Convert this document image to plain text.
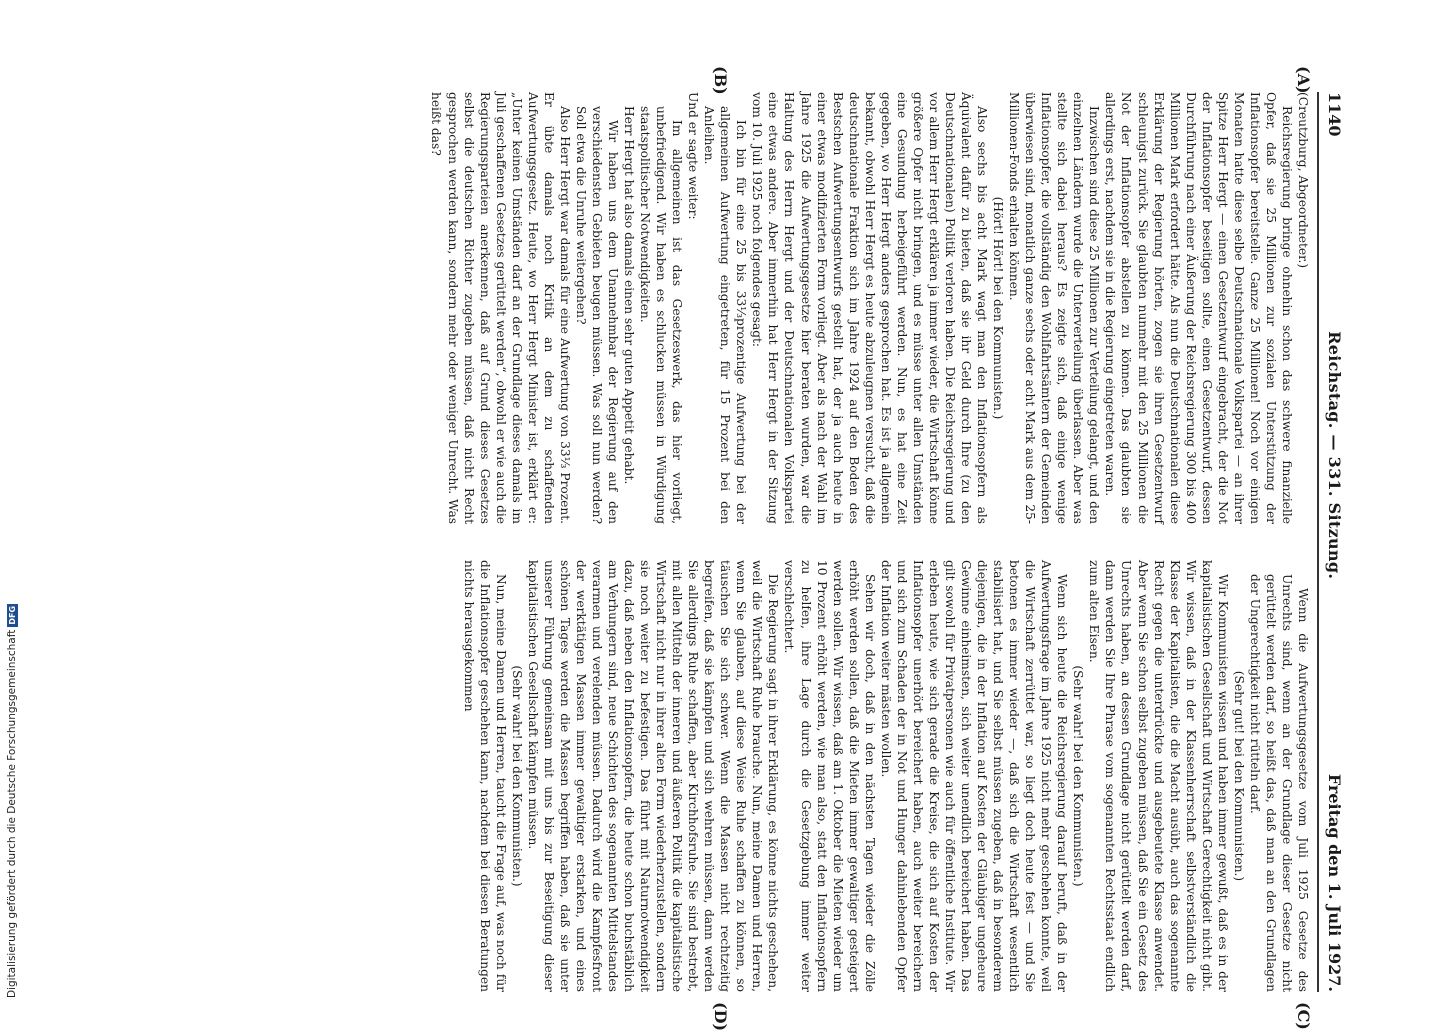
Digitalisierung gefördert durch die Deutsche Forschungsgemeinschaft
DFG
1140
Reichstag. — 331. Sitzung.
Freitag den 1. Juli 1927.
(A)
(B)
(C)
(D)

(Creutzburg, Abgeordneter.)

Reichsregierung bringe ohnehin schon das schwere finanzielle Opfer, daß sie 25 Millionen zur sozialen Unterstützung der Inflationsopfer bereitstelle. Ganze 25 Millionen! Noch vor einigen Monaten hatte diese selbe Deutschnationale Volkspartei — an ihrer Spitze Herr Hergt — einen Gesetzentwurf eingebracht, der die Not der Inflationsopfer beseitigen sollte, einen Gesetzentwurf, dessen Durchführung nach einer Äußerung der Reichsregierung 300 bis 400 Millionen Mark erfordert hätte. Als nun die Deutschnationalen diese Erklärung der Regierung hörten, zogen sie ihren Gesetzentwurf schleunigst zurück. Sie glaubten nunmehr mit den 25 Millionen die Not der Inflationsopfer abstellen zu können. Das glaubten sie allerdings erst, nachdem sie in die Regierung eingetreten waren.

Inzwischen sind diese 25 Millionen zur Verteilung gelangt, und den einzelnen Ländern wurde die Unterverteilung überlassen. Aber was stellte sich dabei heraus? Es zeigte sich, daß einige wenige Inflationsopfer, die vollständig den Wohlfahrtsämtern der Gemeinden überwiesen sind, monatlich ganze sechs oder acht Mark aus dem 25-Millionen-Fonds erhalten können.

(Hört! Hört! bei den Kommunisten.)

Also sechs bis acht Mark wagt man den Inflationsopfern als Äquivalent dafür zu bieten, daß sie ihr Geld durch Ihre (zu den Deutschnationalen) Politik verloren haben. Die Reichsregierung und vor allem Herr Hergt erklären ja immer wieder, die Wirtschaft könne größere Opfer nicht bringen, und es müsse unter allen Umständen eine Gesundung herbeigeführt werden. Nun, es hat eine Zeit gegeben, wo Herr Hergt anders gesprochen hat. Es ist ja allgemein bekannt, obwohl Herr Hergt es heute abzuleugnen versucht, daß die deutschnationale Fraktion sich im Jahre 1924 auf den Boden des Bestschen Aufwertungsentwurfs gestellt hat, der ja auch heute in einer etwas modifizierten Form vorliegt. Aber als nach der Wahl im Jahre 1925 die Aufwertungsgesetze hier beraten wurden, war die Haltung des Herrn Hergt und der Deutschnationalen Volkspartei eine etwas andere. Aber immerhin hat Herr Hergt in der Sitzung vom 10. Juli 1925 noch folgendes gesagt:

Ich bin für eine 25 bis 33⅓prozentige Aufwertung bei der allgemeinen Aufwertung eingetreten, für 15 Prozent bei den Anleihen.

Und er sagte weiter:

Im allgemeinen ist das Gesetzeswerk, das hier vorliegt, unbefriedigend. Wir haben es schlucken müssen in Würdigung staatspolitischer Notwendigkeiten.

Herr Hergt hat also damals einen sehr guten Appetit gehabt.

Wir haben uns dem Unannehmbar der Regierung auf den verschiedensten Gebieten beugen müssen. Was soll nun werden? Soll etwa die Unruhe weitergehen?

Also Herr Hergt war damals für eine Aufwertung von 33⅓ Prozent. Er übte damals noch Kritik an dem zu schaffenden Aufwertungsgesetz. Heute, wo Herr Hergt Minister ist, erklärt er: „Unter keinen Umständen darf an der Grundlage dieses damals im Juli geschaffenen Gesetzes gerüttelt werden“, obwohl er wie auch die Regierungsparteien anerkennen, daß auf Grund dieses Gesetzes selbst die deutschen Richter zugeben müssen, daß nicht Recht gesprochen werden kann, sondern mehr oder weniger Unrecht. Was heißt das?

Wenn die Aufwertungsgesetze vom Juli 1925 Gesetze des Unrechts sind, wenn an der Grundlage dieser Gesetze nicht gerüttelt werden darf, so heißt das, daß man an den Grundlagen der Ungerechtigkeit nicht rütteln darf.

(Sehr gut! bei den Kommunisten.)

Wir Kommunisten wissen und haben immer gewußt, daß es in der kapitalistischen Gesellschaft und Wirtschaft Gerechtigkeit nicht gibt. Wir wissen, daß in der Klassenherrschaft selbstverständlich die Klasse der Kapitalisten, die die Macht ausübt, auch das sogenannte Recht gegen die unterdrückte und ausgebeutete Klasse anwendet. Aber wenn Sie schon selbst zugeben müssen, daß Sie ein Gesetz des Unrechts haben, an dessen Grundlage nicht gerüttelt werden darf, dann werden Sie Ihre Phrase vom sogenannten Rechtsstaat endlich zum alten Eisen.

(Sehr wahr! bei den Kommunisten.)

Wenn sich heute die Reichsregierung darauf beruft, daß in der Aufwertungsfrage im Jahre 1925 nicht mehr geschehen konnte, weil die Wirtschaft zerrüttet war, so liegt doch heute fest — und Sie betonen es immer wieder —, daß sich die Wirtschaft wesentlich stabilisiert hat, und Sie selbst müssen zugeben, daß in besonderem diejenigen, die in der Inflation auf Kosten der Gläubiger ungeheure Gewinne einheimsten, sich weiter unendlich bereichert haben. Das gilt sowohl für Privatpersonen wie auch für öffentliche Institute. Wir erleben heute, wie sich gerade die Kreise, die sich auf Kosten der Inflationsopfer unerhört bereichert haben, auch weiter bereichern und sich zum Schaden der in Not und Hunger dahinlebenden Opfer der Inflation weiter mästen wollen.

Sehen wir doch, daß in den nächsten Tagen wieder die Zölle erhöht werden sollen, daß die Mieten immer gewaltiger gesteigert werden sollen. Wir wissen, daß am 1. Oktober die Mieten wieder um 10 Prozent erhöht werden, wie man also, statt den Inflationsopfern zu helfen, ihre Lage durch die Gesetzgebung immer weiter verschlechtert.

Die Regierung sagt in ihrer Erklärung, es könne nichts geschehen, weil die Wirtschaft Ruhe brauche. Nun, meine Damen und Herren, wenn Sie glauben, auf diese Weise Ruhe schaffen zu können, so täuschen Sie sich schwer. Wenn die Massen nicht rechtzeitig begreifen, daß sie kämpfen und sich wehren müssen, dann werden Sie allerdings Ruhe schaffen, aber Kirchhofsruhe. Sie sind bestrebt, mit allen Mitteln der inneren und äußeren Politik die kapitalistische Wirtschaft nicht nur in ihrer alten Form wiederherzustellen, sondern sie noch weiter zu befestigen. Das führt mit Naturnotwendigkeit dazu, daß neben den Inflationsopfern, die heute schon buchstäblich am Verhungern sind, neue Schichten des sogenannten Mittelstandes verarmen und verelenden müssen. Dadurch wird die Kampfesfront der werktätigen Massen immer gewaltiger erstarken, und eines schönen Tages werden die Massen begriffen haben, daß sie unter unserer Führung gemeinsam mit uns bis zur Beseitigung dieser kapitalistischen Gesellschaft kämpfen müssen.

(Sehr wahr! bei den Kommunisten.)

Nun, meine Damen und Herren, taucht die Frage auf, was noch für die Inflationsopfer geschehen kann, nachdem bei diesen Beratungen nichts herausgekommen
